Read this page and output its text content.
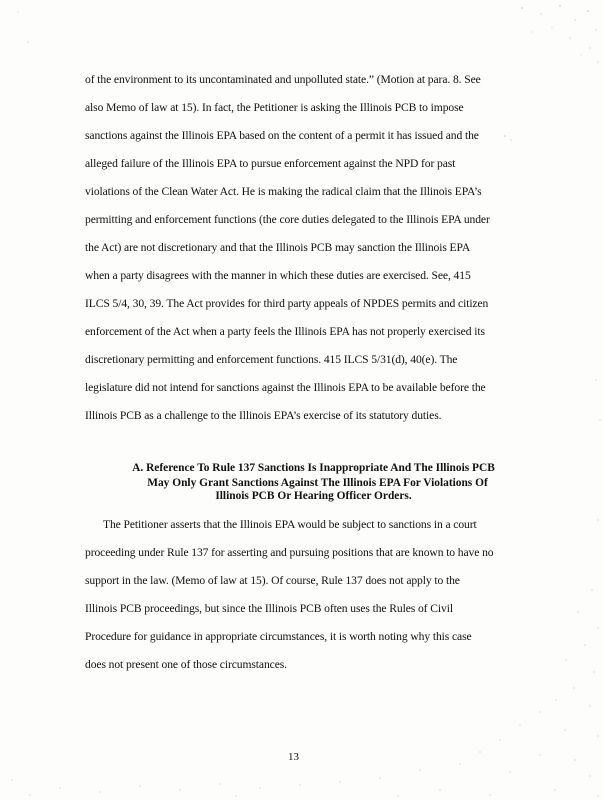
of the environment to its uncontaminated and unpolluted state.” (Motion at para. 8. See
also Memo of law at 15). In fact, the Petitioner is asking the Illinois PCB to impose
sanctions against the Illinois EPA based on the content of a permit it has issued and the
alleged failure of the Illinois EPA to pursue enforcement against the NPD for past
violations of the Clean Water Act. He is making the radical claim that the Illinois EPA’s
permitting and enforcement functions (the core duties delegated to the Illinois EPA under
the Act) are not discretionary and that the Illinois PCB may sanction the Illinois EPA
when a party disagrees with the manner in which these duties are exercised. See, 415
ILCS 5/4, 30, 39. The Act provides for third party appeals of NPDES permits and citizen
enforcement of the Act when a party feels the Illinois EPA has not properly exercised its
discretionary permitting and enforcement functions. 415 ILCS 5/31(d), 40(e). The
legislature did not intend for sanctions against the Illinois EPA to be available before the
Illinois PCB as a challenge to the Illinois EPA’s exercise of its statutory duties.
A. Reference To Rule 137 Sanctions Is Inappropriate And The Illinois PCB
May Only Grant Sanctions Against The Illinois EPA For Violations Of
Illinois PCB Or Hearing Officer Orders.
The Petitioner asserts that the Illinois EPA would be subject to sanctions in a court
proceeding under Rule 137 for asserting and pursuing positions that are known to have no
support in the law. (Memo of law at 15). Of course, Rule 137 does not apply to the
Illinois PCB proceedings, but since the Illinois PCB often uses the Rules of Civil
Procedure for guidance in appropriate circumstances, it is worth noting why this case
does not present one of those circumstances.
13
